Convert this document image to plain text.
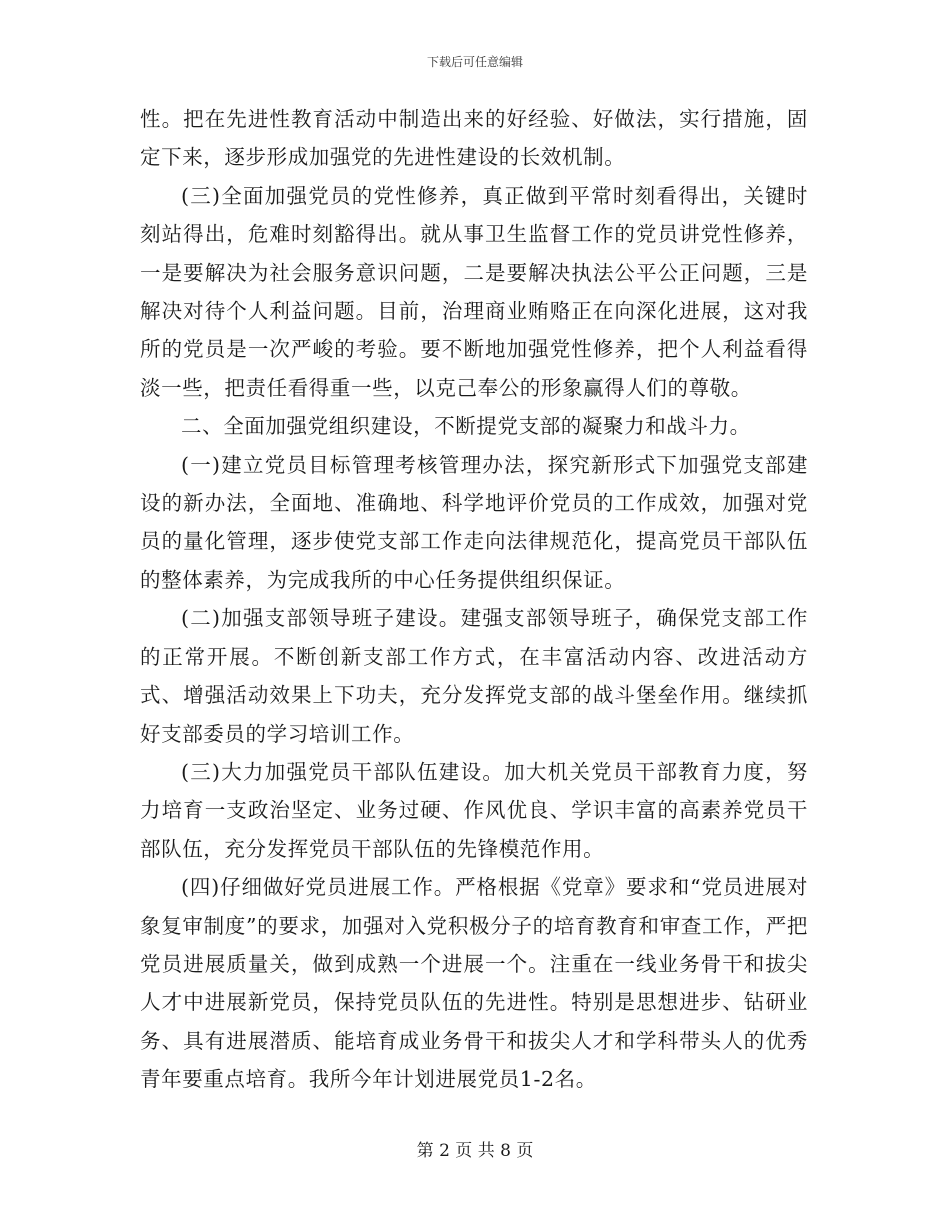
下载后可任意编辑

性。把在先进性教育活动中制造出来的好经验、好做法，实行措施，固定下来，逐步形成加强党的先进性建设的长效机制。

(三)全面加强党员的党性修养，真正做到平常时刻看得出，关键时刻站得出，危难时刻豁得出。就从事卫生监督工作的党员讲党性修养，一是要解决为社会服务意识问题，二是要解决执法公平公正问题，三是解决对待个人利益问题。目前，治理商业贿赂正在向深化进展，这对我所的党员是一次严峻的考验。要不断地加强党性修养，把个人利益看得淡一些，把责任看得重一些，以克己奉公的形象赢得人们的尊敬。

二、全面加强党组织建设，不断提党支部的凝聚力和战斗力。

(一)建立党员目标管理考核管理办法，探究新形式下加强党支部建设的新办法，全面地、准确地、科学地评价党员的工作成效，加强对党员的量化管理，逐步使党支部工作走向法律规范化，提高党员干部队伍的整体素养，为完成我所的中心任务提供组织保证。

(二)加强支部领导班子建设。建强支部领导班子，确保党支部工作的正常开展。不断创新支部工作方式，在丰富活动内容、改进活动方式、增强活动效果上下功夫，充分发挥党支部的战斗堡垒作用。继续抓好支部委员的学习培训工作。

(三)大力加强党员干部队伍建设。加大机关党员干部教育力度，努力培育一支政治坚定、业务过硬、作风优良、学识丰富的高素养党员干部队伍，充分发挥党员干部队伍的先锋模范作用。

(四)仔细做好党员进展工作。严格根据《党章》要求和“党员进展对象复审制度”的要求，加强对入党积极分子的培育教育和审查工作，严把党员进展质量关，做到成熟一个进展一个。注重在一线业务骨干和拔尖人才中进展新党员，保持党员队伍的先进性。特别是思想进步、钻研业务、具有进展潜质、能培育成业务骨干和拔尖人才和学科带头人的优秀青年要重点培育。我所今年计划进展党员1-2名。

第 2 页 共 8 页
